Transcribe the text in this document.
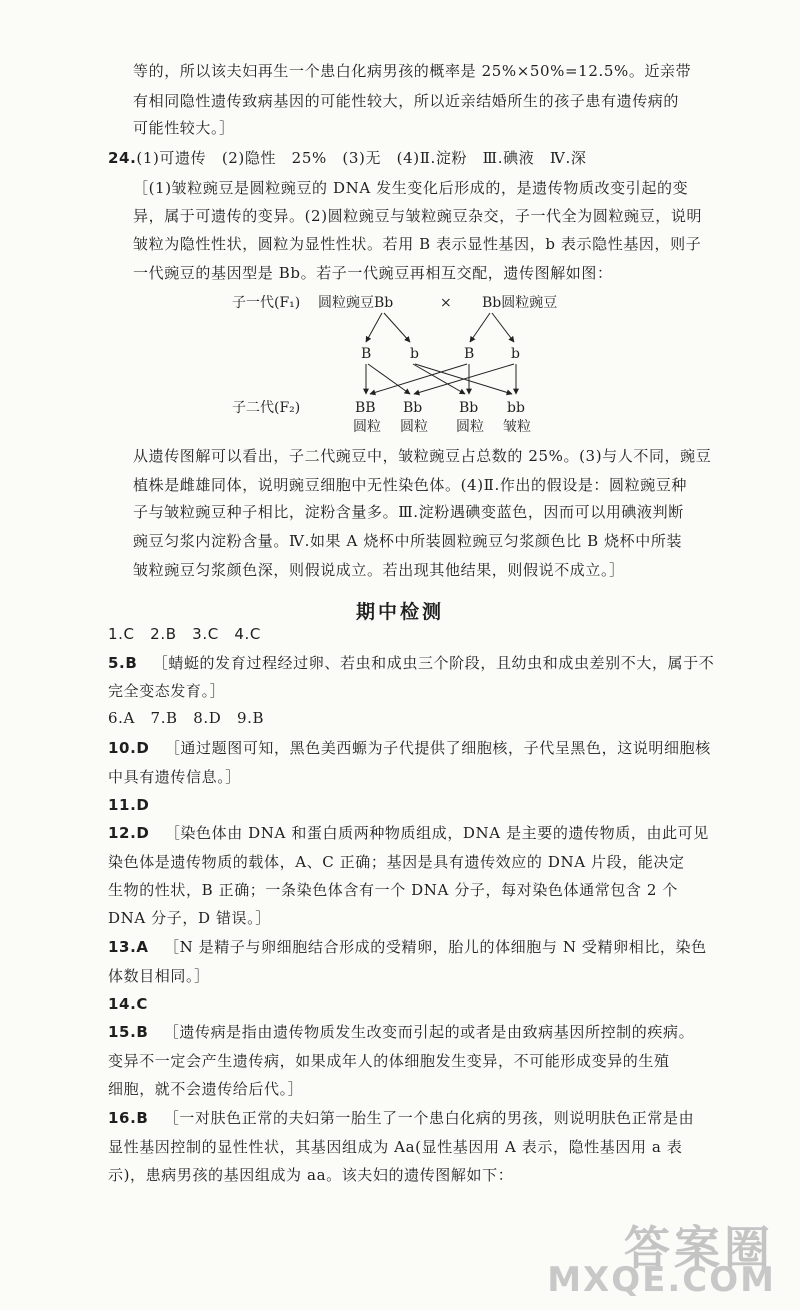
等的，所以该夫妇再生一个患白化病男孩的概率是 25%×50%=12.5%。近亲带
有相同隐性遗传致病基因的可能性较大，所以近亲结婚所生的孩子患有遗传病的
可能性较大。］
24.(1)可遗传　(2)隐性　25%　(3)无　(4)Ⅱ.淀粉　Ⅲ.碘液　Ⅳ.深
［(1)皱粒豌豆是圆粒豌豆的 DNA 发生变化后形成的，是遗传物质改变引起的变
异，属于可遗传的变异。(2)圆粒豌豆与皱粒豌豆杂交，子一代全为圆粒豌豆，说明
皱粒为隐性性状，圆粒为显性性状。若用 B 表示显性基因，b 表示隐性基因，则子
一代豌豆的基因型是 Bb。若子一代豌豆再相互交配，遗传图解如图：
子一代(F₁) 圆粒豌豆Bb	× Bb圆粒豌豆
B	b	B	b
子二代(F₂)	BB Bb	Bb bb
圆粒 圆粒 圆粒 皱粒
从遗传图解可以看出，子二代豌豆中，皱粒豌豆占总数的 25%。(3)与人不同，豌豆
植株是雌雄同体，说明豌豆细胞中无性染色体。(4)Ⅱ.作出的假设是：圆粒豌豆种
子与皱粒豌豆种子相比，淀粉含量多。Ⅲ.淀粉遇碘变蓝色，因而可以用碘液判断
豌豆匀浆内淀粉含量。Ⅳ.如果 A 烧杯中所装圆粒豌豆匀浆颜色比 B 烧杯中所装
皱粒豌豆匀浆颜色深，则假说成立。若出现其他结果，则假说不成立。］
期中检测
1.C　2.B　3.C　4.C
5.B ［蜻蜓的发育过程经过卵、若虫和成虫三个阶段，且幼虫和成虫差别不大，属于不
完全变态发育。］
6.A　7.B　8.D　9.B
10.D ［通过题图可知，黑色美西螈为子代提供了细胞核，子代呈黑色，这说明细胞核
中具有遗传信息。］
11.D
12.D ［染色体由 DNA 和蛋白质两种物质组成，DNA 是主要的遗传物质，由此可见
染色体是遗传物质的载体，A、C 正确；基因是具有遗传效应的 DNA 片段，能决定
生物的性状，B 正确；一条染色体含有一个 DNA 分子，每对染色体通常包含 2 个
DNA 分子，D 错误。］
13.A ［N 是精子与卵细胞结合形成的受精卵，胎儿的体细胞与 N 受精卵相比，染色
体数目相同。］
14.C
15.B ［遗传病是指由遗传物质发生改变而引起的或者是由致病基因所控制的疾病。
变异不一定会产生遗传病，如果成年人的体细胞发生变异，不可能形成变异的生殖
细胞，就不会遗传给后代。］
16.B ［一对肤色正常的夫妇第一胎生了一个患白化病的男孩，则说明肤色正常是由
显性基因控制的显性性状，其基因组成为 Aa(显性基因用 A 表示，隐性基因用 a 表
示)，患病男孩的基因组成为 aa。该夫妇的遗传图解如下：
答案圈
MXQE.COM
